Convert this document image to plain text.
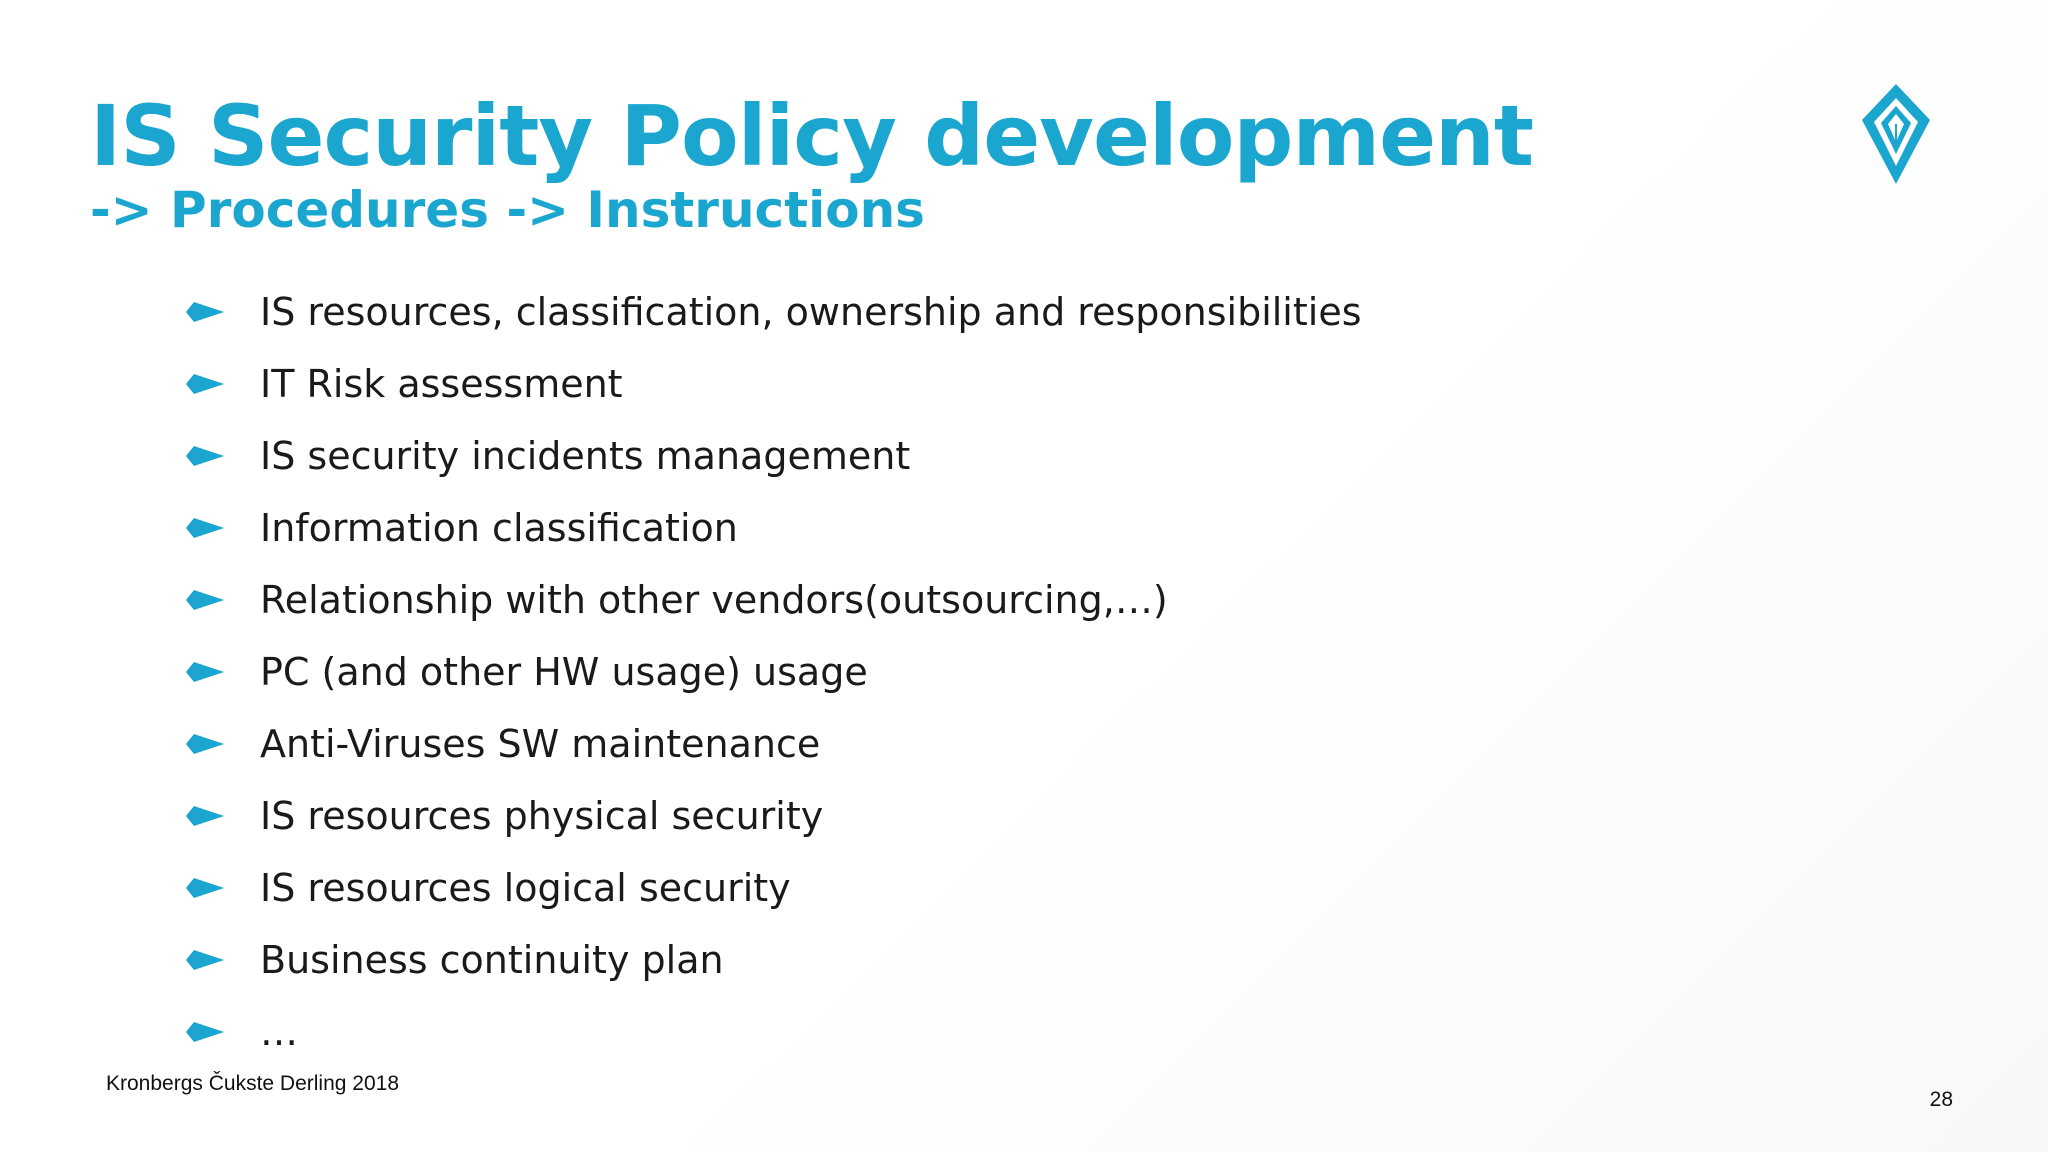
IS Security Policy development
-> Procedures -> Instructions
IS resources, classification, ownership and responsibilities
IT Risk assessment
IS security incidents management
Information classification
Relationship with other vendors(outsourcing,…)
PC (and other HW usage) usage
Anti-Viruses SW maintenance
IS resources physical security
IS resources logical security
Business continuity plan
…
Kronbergs Čukste Derling 2018
28
